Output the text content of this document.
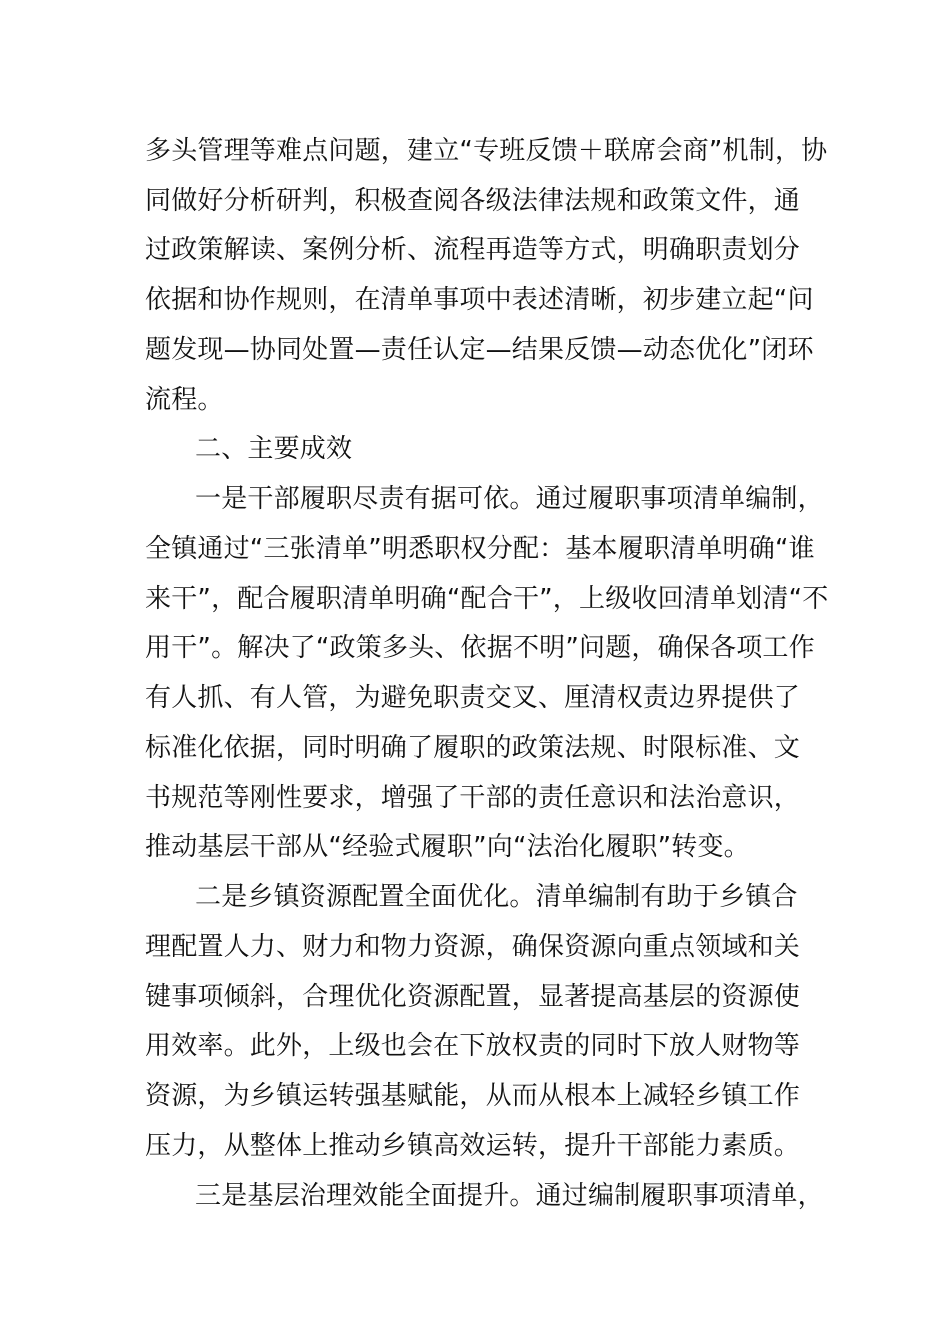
多头管理等难点问题，建立“专班反馈＋联席会商”机制，协
同做好分析研判，积极查阅各级法律法规和政策文件，通
过政策解读、案例分析、流程再造等方式，明确职责划分
依据和协作规则，在清单事项中表述清晰，初步建立起“问
题发现—协同处置—责任认定—结果反馈—动态优化”闭环
流程。
二、主要成效
一是干部履职尽责有据可依。通过履职事项清单编制，
全镇通过“三张清单”明悉职权分配：基本履职清单明确“谁
来干”，配合履职清单明确“配合干”，上级收回清单划清“不
用干”。解决了“政策多头、依据不明”问题，确保各项工作
有人抓、有人管，为避免职责交叉、厘清权责边界提供了
标准化依据，同时明确了履职的政策法规、时限标准、文
书规范等刚性要求，增强了干部的责任意识和法治意识，
推动基层干部从“经验式履职”向“法治化履职”转变。
二是乡镇资源配置全面优化。清单编制有助于乡镇合
理配置人力、财力和物力资源，确保资源向重点领域和关
键事项倾斜，合理优化资源配置，显著提高基层的资源使
用效率。此外，上级也会在下放权责的同时下放人财物等
资源，为乡镇运转强基赋能，从而从根本上减轻乡镇工作
压力，从整体上推动乡镇高效运转，提升干部能力素质。
三是基层治理效能全面提升。通过编制履职事项清单，
